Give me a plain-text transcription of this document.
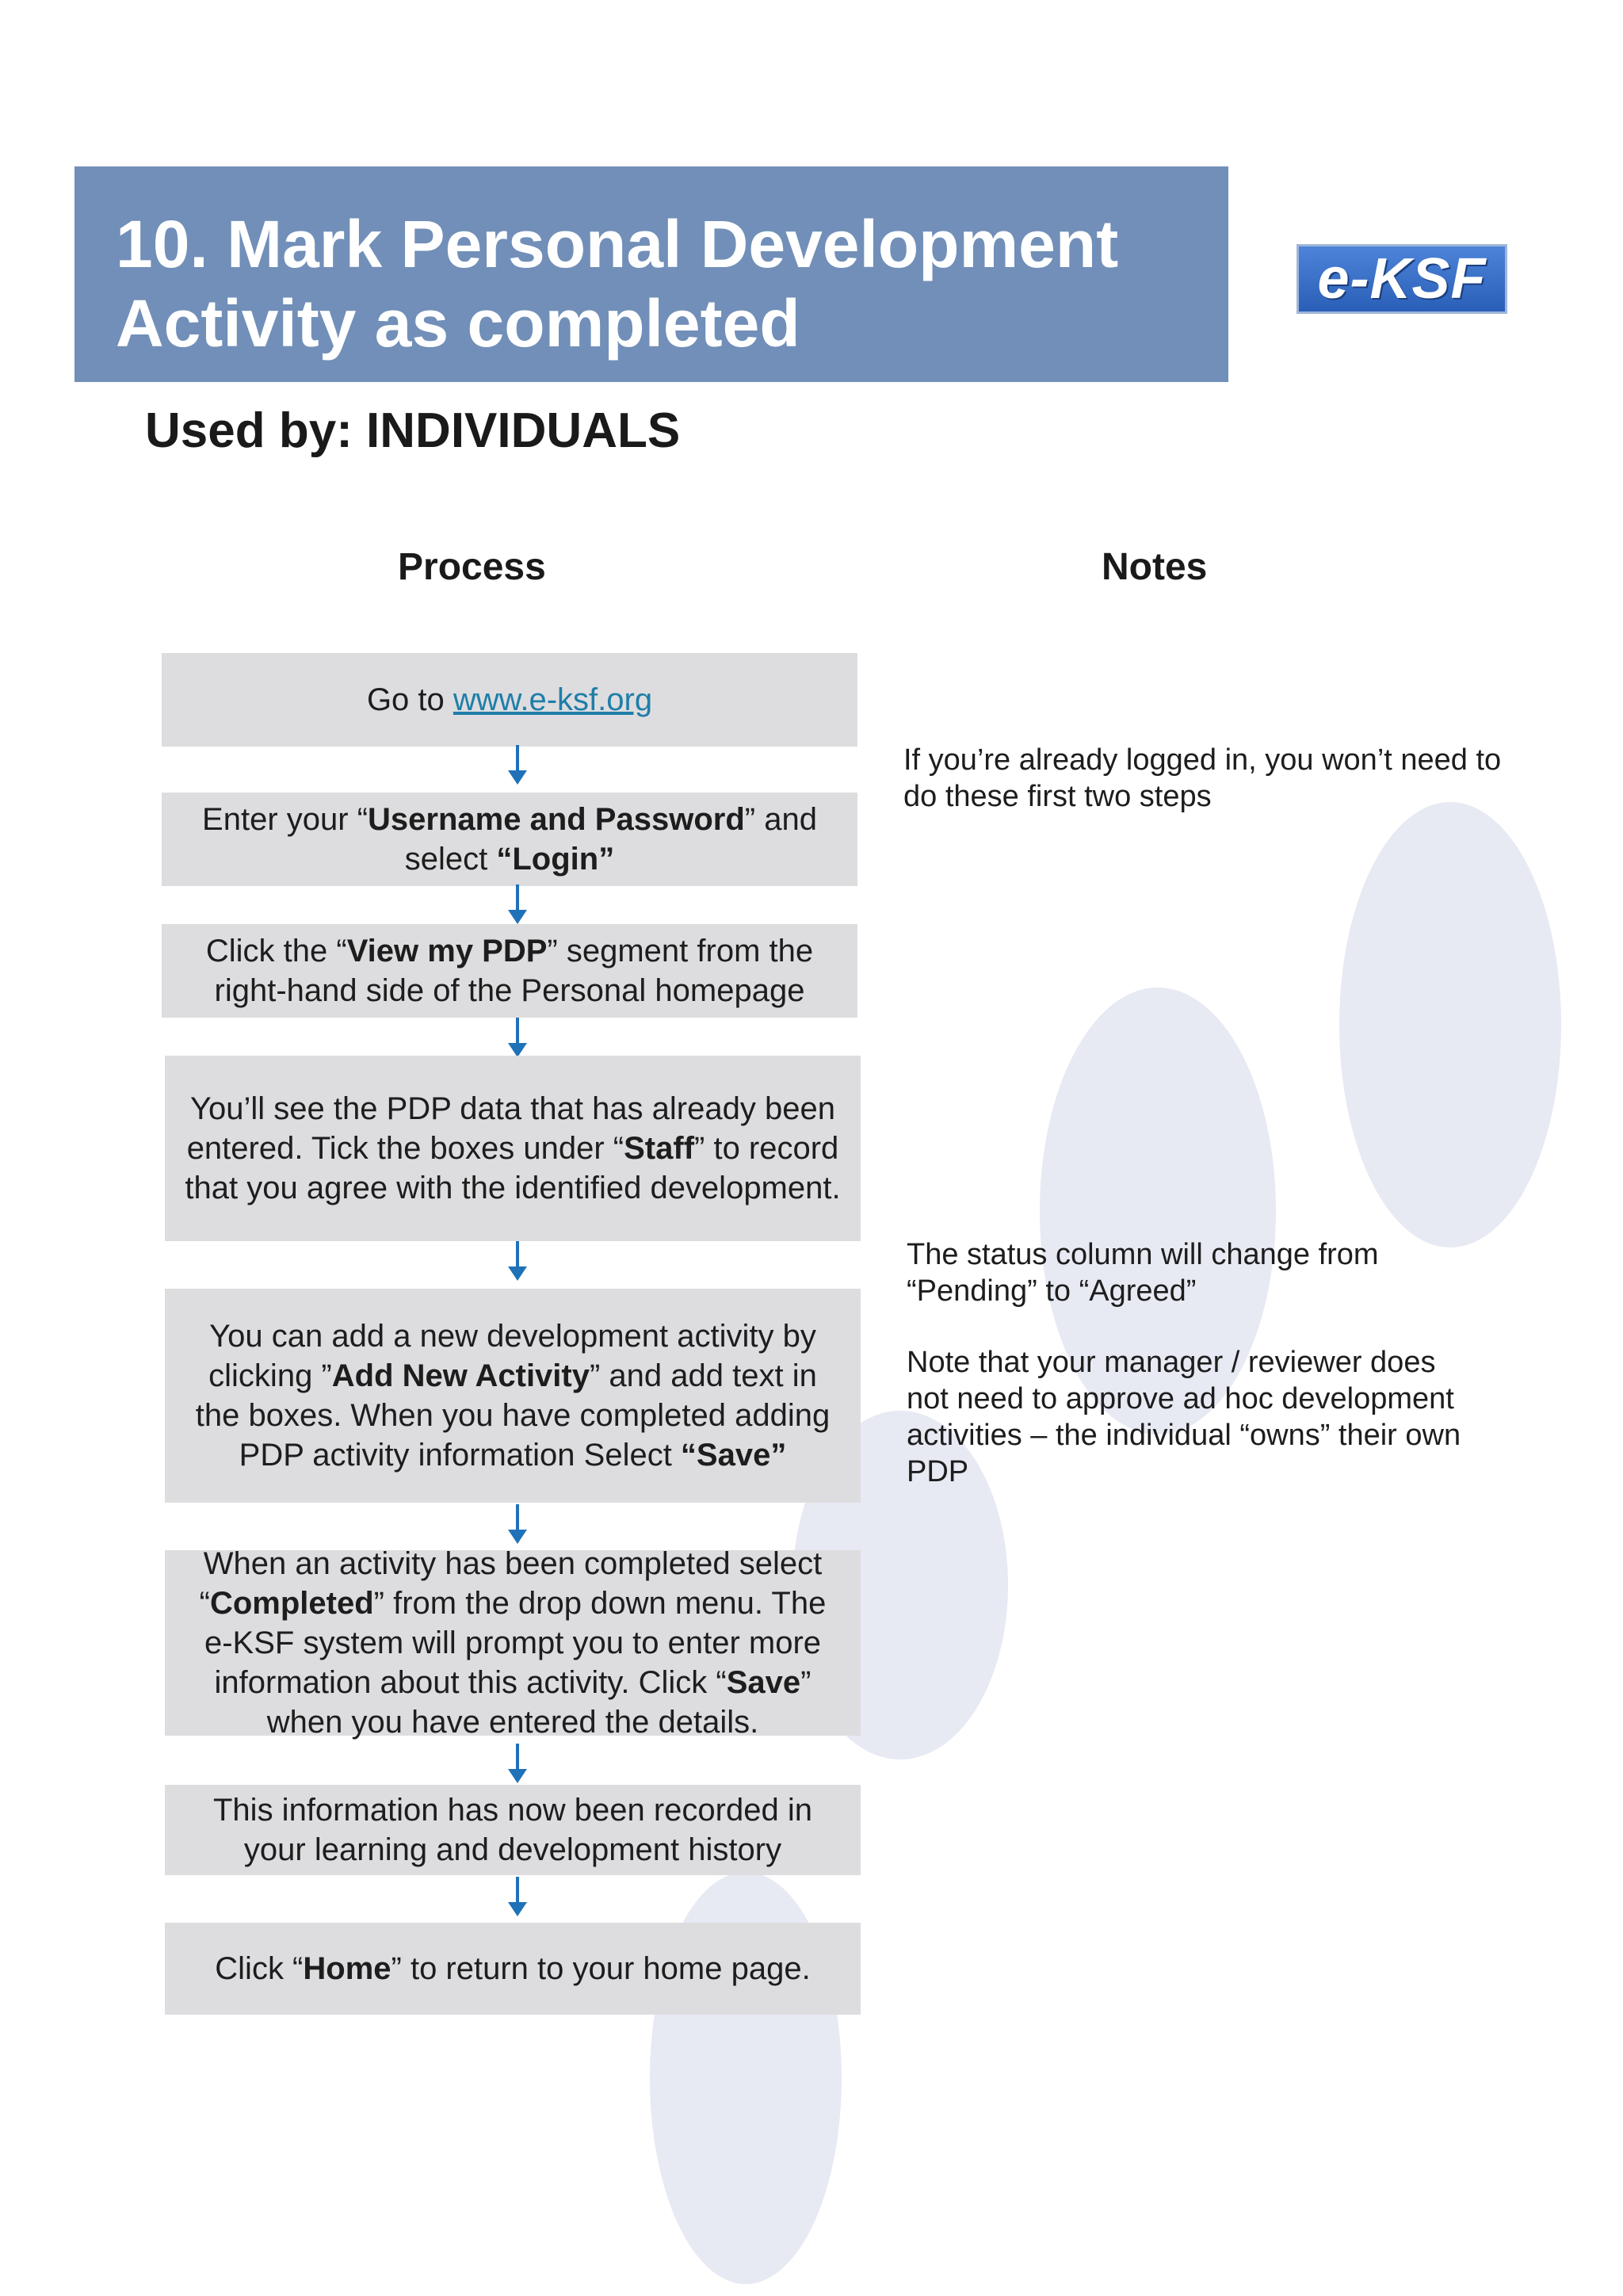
10. Mark Personal Development
Activity as completed
e-KSF
Used by: INDIVIDUALS
Process	Notes
Go to www.e-ksf.org
Enter your “Username and Password” and select “Login”
Click the “View my PDP” segment from the right-hand side of the Personal homepage
You’ll see the PDP data that has already been entered. Tick the boxes under “Staff” to record that you agree with the identified development.
You can add a new development activity by clicking ”Add New Activity” and add text in the boxes. When you have completed adding PDP activity information Select “Save”
When an activity has been completed select “Completed” from the drop down menu. The e-KSF system will prompt you to enter more information about this activity. Click “Save” when you have entered the details.
This information has now been recorded in your learning and development history
Click “Home” to return to your home page.
If you’re already logged in, you won’t need to do these first two steps
The status column will change from “Pending” to “Agreed”
Note that your manager / reviewer does not need to approve ad hoc development activities – the individual “owns” their own PDP
